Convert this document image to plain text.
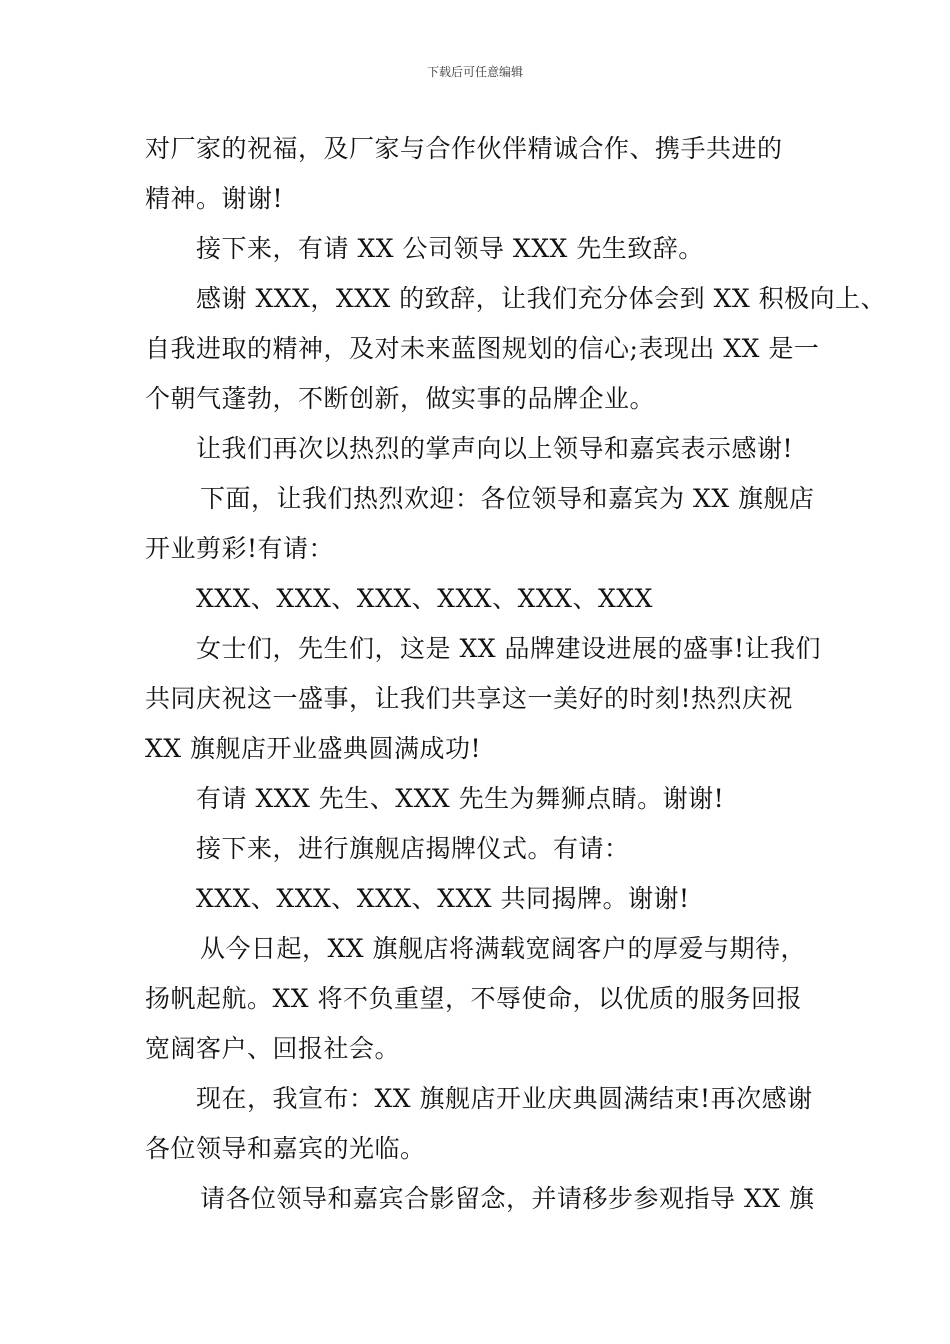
下载后可任意编辑
对厂家的祝福，及厂家与合作伙伴精诚合作、携手共进的
精神。谢谢!
接下来，有请 XX 公司领导 XXX 先生致辞。
感谢 XXX，XXX 的致辞，让我们充分体会到 XX 积极向上、
自我进取的精神，及对未来蓝图规划的信心;表现出 XX 是一
个朝气蓬勃，不断创新，做实事的品牌企业。
让我们再次以热烈的掌声向以上领导和嘉宾表示感谢!
下面，让我们热烈欢迎：各位领导和嘉宾为 XX 旗舰店
开业剪彩!有请：
XXX、XXX、XXX、XXX、XXX、XXX
女士们，先生们，这是 XX 品牌建设进展的盛事!让我们
共同庆祝这一盛事，让我们共享这一美好的时刻!热烈庆祝
XX 旗舰店开业盛典圆满成功!
有请 XXX 先生、XXX 先生为舞狮点睛。谢谢!
接下来，进行旗舰店揭牌仪式。有请：
XXX、XXX、XXX、XXX 共同揭牌。谢谢!
从今日起，XX 旗舰店将满载宽阔客户的厚爱与期待，
扬帆起航。XX 将不负重望，不辱使命，以优质的服务回报
宽阔客户、回报社会。
现在，我宣布：XX 旗舰店开业庆典圆满结束!再次感谢
各位领导和嘉宾的光临。
请各位领导和嘉宾合影留念，并请移步参观指导 XX 旗
